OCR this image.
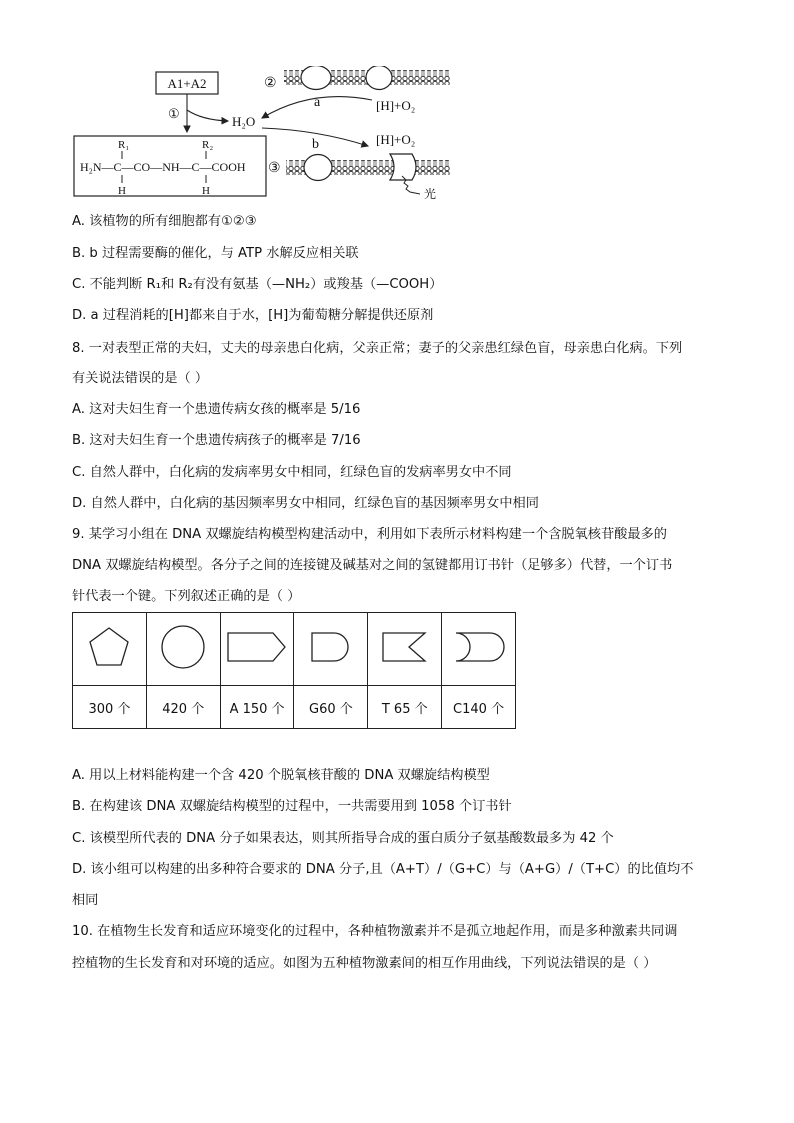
A1+A2
①
H₂O
②
a	[H]+O₂
b	[H]+O₂
R₁	R₂
H₂N—C—CO—NH—C—COOH
H	H
③
光
A. 该植物的所有细胞都有①②③
B. b 过程需要酶的催化，与 ATP 水解反应相关联
C. 不能判断 R₁和 R₂有没有氨基（—NH₂）或羧基（—COOH）
D. a 过程消耗的[H]都来自于水，[H]为葡萄糖分解提供还原剂
8. 一对表型正常的夫妇，丈夫的母亲患白化病，父亲正常；妻子的父亲患红绿色盲，母亲患白化病。下列
有关说法错误的是（ ）
A. 这对夫妇生育一个患遗传病女孩的概率是 5/16
B. 这对夫妇生育一个患遗传病孩子的概率是 7/16
C. 自然人群中，白化病的发病率男女中相同，红绿色盲的发病率男女中不同
D. 自然人群中，白化病的基因频率男女中相同，红绿色盲的基因频率男女中相同
9. 某学习小组在 DNA 双螺旋结构模型构建活动中，利用如下表所示材料构建一个含脱氧核苷酸最多的
DNA 双螺旋结构模型。各分子之间的连接键及碱基对之间的氢键都用订书针（足够多）代替，一个订书
针代表一个键。下列叙述正确的是（ ）

300 个	420 个	A 150 个	G60 个	T 65 个	C140 个
A. 用以上材料能构建一个含 420 个脱氧核苷酸的 DNA 双螺旋结构模型
B. 在构建该 DNA 双螺旋结构模型的过程中，一共需要用到 1058 个订书针
C. 该模型所代表的 DNA 分子如果表达，则其所指导合成的蛋白质分子氨基酸数最多为 42 个
D. 该小组可以构建的出多种符合要求的 DNA 分子,且（A+T）/（G+C）与（A+G）/（T+C）的比值均不
相同
10. 在植物生长发育和适应环境变化的过程中，各种植物激素并不是孤立地起作用，而是多种激素共同调
控植物的生长发育和对环境的适应。如图为五种植物激素间的相互作用曲线，下列说法错误的是（ ）
